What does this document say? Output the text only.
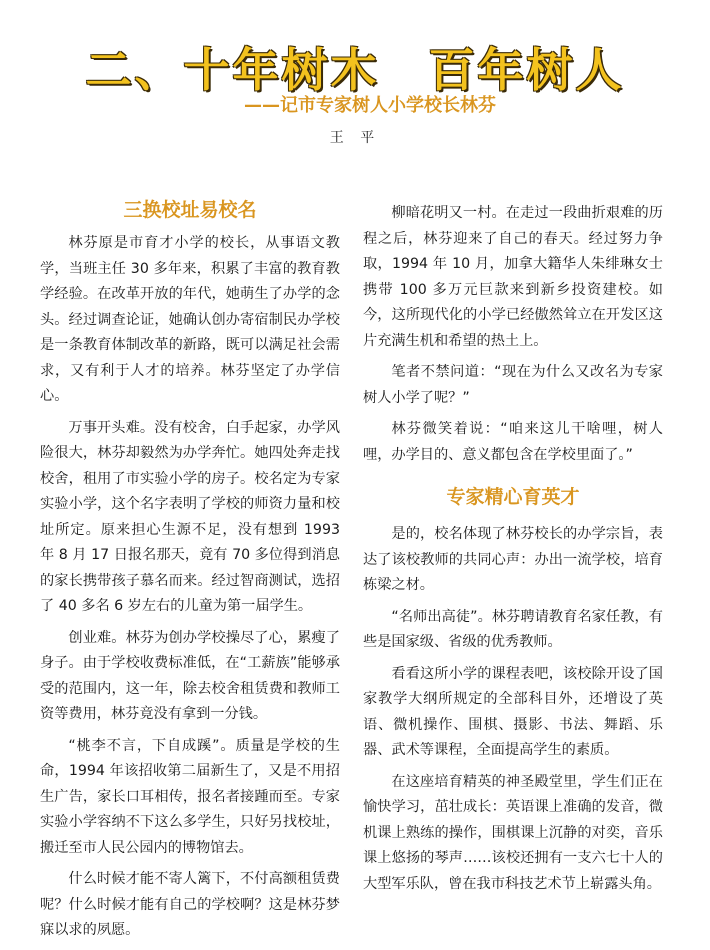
二、十年树木　百年树人
——记市专家树人小学校长林芬
王 平
三换校址易校名

林芬原是市育才小学的校长，从事语文教学，当班主任 30 多年来，积累了丰富的教育教学经验。在改革开放的年代，她萌生了办学的念头。经过调查论证，她确认创办寄宿制民办学校是一条教育体制改革的新路，既可以满足社会需求，又有利于人才的培养。林芬坚定了办学信心。

万事开头难。没有校舍，白手起家，办学风险很大，林芬却毅然为办学奔忙。她四处奔走找校舍，租用了市实验小学的房子。校名定为专家实验小学，这个名字表明了学校的师资力量和校址所定。原来担心生源不足，没有想到 1993 年 8 月 17 日报名那天，竟有 70 多位得到消息的家长携带孩子慕名而来。经过智商测试，选招了 40 多名 6 岁左右的儿童为第一届学生。

创业难。林芬为创办学校操尽了心，累瘦了身子。由于学校收费标准低，在“工薪族”能够承受的范围内，这一年，除去校舍租赁费和教师工资等费用，林芬竟没有拿到一分钱。

“桃李不言，下自成蹊”。质量是学校的生命，1994 年该招收第二届新生了，又是不用招生广告，家长口耳相传，报名者接踵而至。专家实验小学容纳不下这么多学生，只好另找校址，搬迁至市人民公园内的博物馆去。

什么时候才能不寄人篱下，不付高额租赁费呢？什么时候才能有自己的学校啊？这是林芬梦寐以求的夙愿。

柳暗花明又一村。在走过一段曲折艰难的历程之后，林芬迎来了自己的春天。经过努力争取，1994 年 10 月，加拿大籍华人朱绯琳女士携带 100 多万元巨款来到新乡投资建校。如今，这所现代化的小学已经傲然耸立在开发区这片充满生机和希望的热土上。

笔者不禁问道：“现在为什么又改名为专家树人小学了呢？”

林芬微笑着说：“咱来这儿干啥哩，树人哩，办学目的、意义都包含在学校里面了。”

专家精心育英才

是的，校名体现了林芬校长的办学宗旨，表达了该校教师的共同心声：办出一流学校，培育栋梁之材。

“名师出高徒”。林芬聘请教育名家任教，有些是国家级、省级的优秀教师。

看看这所小学的课程表吧，该校除开设了国家教学大纲所规定的全部科目外，还增设了英语、微机操作、围棋、摄影、书法、舞蹈、乐器、武术等课程，全面提高学生的素质。

在这座培育精英的神圣殿堂里，学生们正在愉快学习，茁壮成长：英语课上准确的发音，微机课上熟练的操作，围棋课上沉静的对奕，音乐课上悠扬的琴声……该校还拥有一支六七十人的大型军乐队，曾在我市科技艺术节上崭露头角。
